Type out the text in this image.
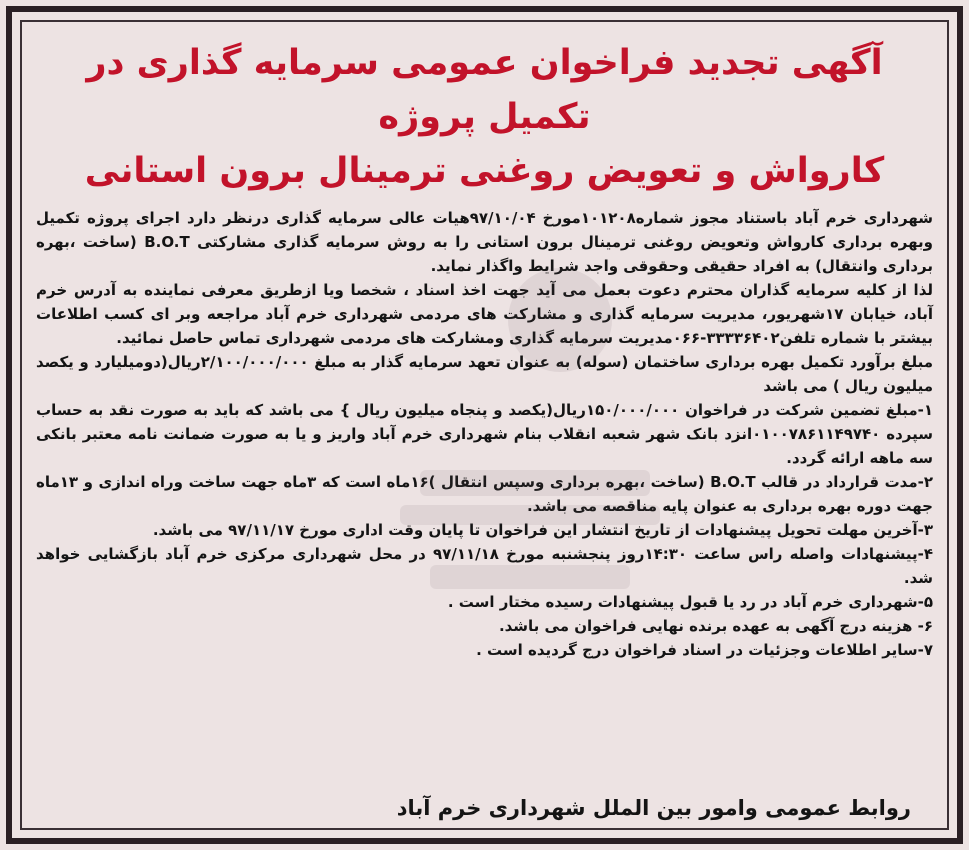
آگهی تجدید فراخوان عمومی سرمایه گذاری در تکمیل پروژه
کارواش و تعویض روغنی ترمینال برون استانی

شهرداری خرم آباد باستناد مجوز شماره۱۰۱۲۰۸مورخ ۹۷/۱۰/۰۴هیات عالی سرمایه گذاری درنظر دارد اجرای پروژه تکمیل وبهره برداری کارواش وتعویض روغنی ترمینال برون استانی را به روش سرمایه گذاری مشارکتی B.O.T (ساخت ،بهره برداری وانتقال) به افراد حقیقی وحقوقی واجد شرایط واگذار نماید.

لذا از کلیه سرمایه گذاران محترم دعوت بعمل می آید جهت اخذ اسناد ، شخصا ویا ازطریق معرفی نماینده به آدرس خرم آباد، خیابان ۱۷شهریور، مدیریت سرمایه گذاری و مشارکت های مردمی شهرداری خرم آباد مراجعه وبر ای کسب اطلاعات بیشتر با شماره تلفن۳۳۳۳۶۴۰۲-۰۶۶مدیریت سرمایه گذاری ومشارکت های مردمی شهرداری تماس حاصل نمائید.

مبلغ برآورد تکمیل بهره برداری ساختمان (سوله) به عنوان تعهد سرمایه گذار به مبلغ ۲/۱۰۰/۰۰۰/۰۰۰ریال(دومیلیارد و یکصد میلیون ریال ) می باشد

۱-مبلغ تضمین شرکت در فراخوان ۱۵۰/۰۰۰/۰۰۰ریال(یکصد و پنجاه میلیون ریال } می باشد که باید به صورت نقد به حساب سپرده ۰۱۰۰۷۸۶۱۱۴۹۷۴۰انزد بانک شهر شعبه انقلاب بنام شهرداری خرم آباد واریز و یا به صورت ضمانت نامه معتبر بانکی سه ماهه ارائه گردد.

۲-مدت قرارداد در قالب B.O.T (ساخت ،بهره برداری وسپس انتقال )۱۶ماه است که ۳ماه جهت ساخت وراه اندازی و ۱۳ماه جهت دوره بهره برداری به عنوان پایه مناقصه می باشد.

۳-آخرین مهلت تحویل پیشنهادات از تاریخ انتشار این فراخوان تا پایان وقت اداری مورخ ۹۷/۱۱/۱۷ می باشد.

۴-پیشنهادات واصله راس ساعت ۱۴:۳۰روز پنجشنبه مورخ ۹۷/۱۱/۱۸ در محل شهرداری مرکزی خرم آباد بازگشایی خواهد شد.

۵-شهرداری خرم آباد در رد یا قبول پیشنهادات رسیده مختار است .

۶- هزینه درج آگهی به عهده برنده نهایی فراخوان می باشد.

۷-سایر اطلاعات وجزئیات در اسناد فراخوان درج گردیده است .

روابط عمومی وامور بین الملل شهرداری خرم آباد
